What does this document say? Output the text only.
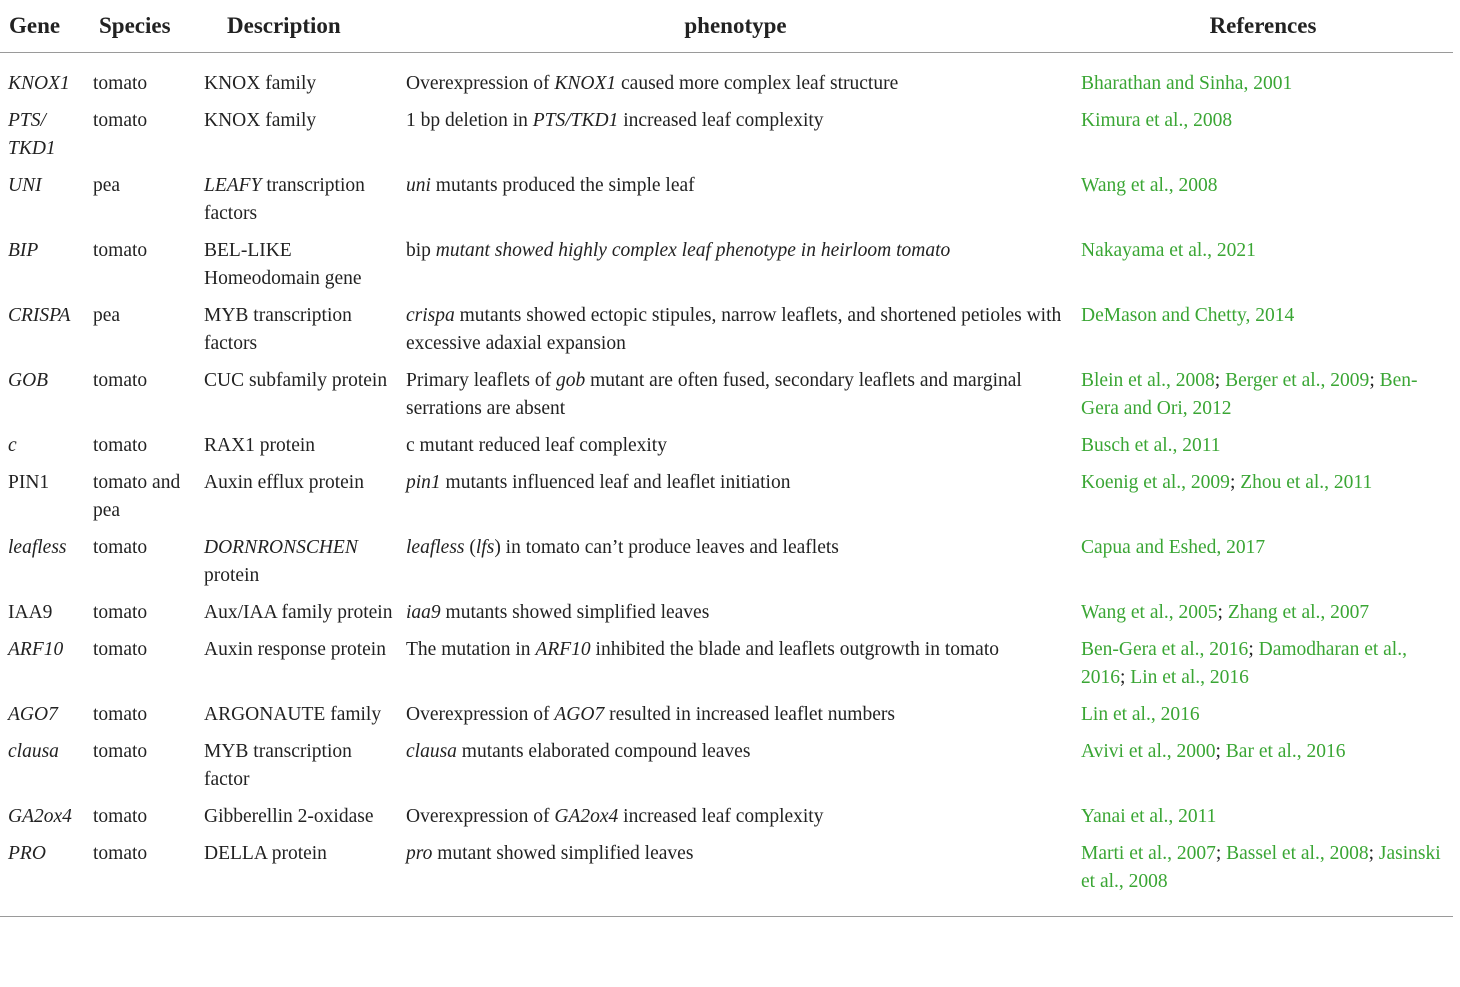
Gene	Species	Description	phenotype	References
KNOX1	tomato	KNOX family	Overexpression of KNOX1 caused more complex leaf structure	Bharathan and Sinha, 2001
PTS/ TKD1	tomato	KNOX family	1 bp deletion in PTS/TKD1 increased leaf complexity	Kimura et al., 2008
UNI	pea	LEAFY transcription factors	uni mutants produced the simple leaf	Wang et al., 2008
BIP	tomato	BEL-LIKE Homeodomain gene	bip mutant showed highly complex leaf phenotype in heirloom tomato	Nakayama et al., 2021
CRISPA	pea	MYB transcription factors	crispa mutants showed ectopic stipules, narrow leaflets, and shortened petioles with excessive adaxial expansion	DeMason and Chetty, 2014
GOB	tomato	CUC subfamily protein	Primary leaflets of gob mutant are often fused, secondary leaflets and marginal serrations are absent	Blein et al., 2008; Berger et al., 2009; Ben-Gera and Ori, 2012
c	tomato	RAX1 protein	c mutant reduced leaf complexity	Busch et al., 2011
PIN1	tomato and pea	Auxin efflux protein	pin1 mutants influenced leaf and leaflet initiation	Koenig et al., 2009; Zhou et al., 2011
leafless	tomato	DORNRONSCHEN protein	leafless (lfs) in tomato can’t produce leaves and leaflets	Capua and Eshed, 2017
IAA9	tomato	Aux/IAA family protein	iaa9 mutants showed simplified leaves	Wang et al., 2005; Zhang et al., 2007
ARF10	tomato	Auxin response protein	The mutation in ARF10 inhibited the blade and leaflets outgrowth in tomato	Ben-Gera et al., 2016; Damodharan et al., 2016; Lin et al., 2016
AGO7	tomato	ARGONAUTE family	Overexpression of AGO7 resulted in increased leaflet numbers	Lin et al., 2016
clausa	tomato	MYB transcription factor	clausa mutants elaborated compound leaves	Avivi et al., 2000; Bar et al., 2016
GA2ox4	tomato	Gibberellin 2-oxidase	Overexpression of GA2ox4 increased leaf complexity	Yanai et al., 2011
PRO	tomato	DELLA protein	pro mutant showed simplified leaves	Marti et al., 2007; Bassel et al., 2008; Jasinski et al., 2008
